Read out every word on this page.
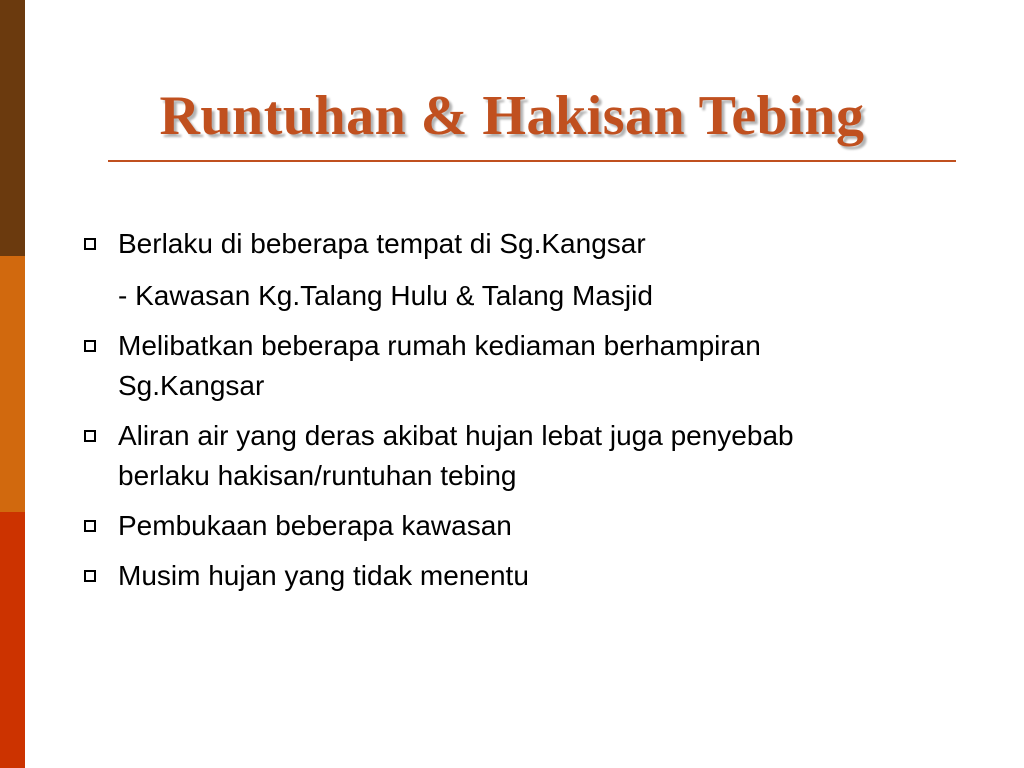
Runtuhan & Hakisan Tebing
Berlaku di beberapa tempat di Sg.Kangsar
- Kawasan Kg.Talang Hulu & Talang Masjid
Melibatkan beberapa rumah kediaman berhampiran
Sg.Kangsar
Aliran air yang deras akibat hujan lebat juga penyebab
berlaku hakisan/runtuhan tebing
Pembukaan beberapa kawasan
Musim hujan yang tidak menentu
